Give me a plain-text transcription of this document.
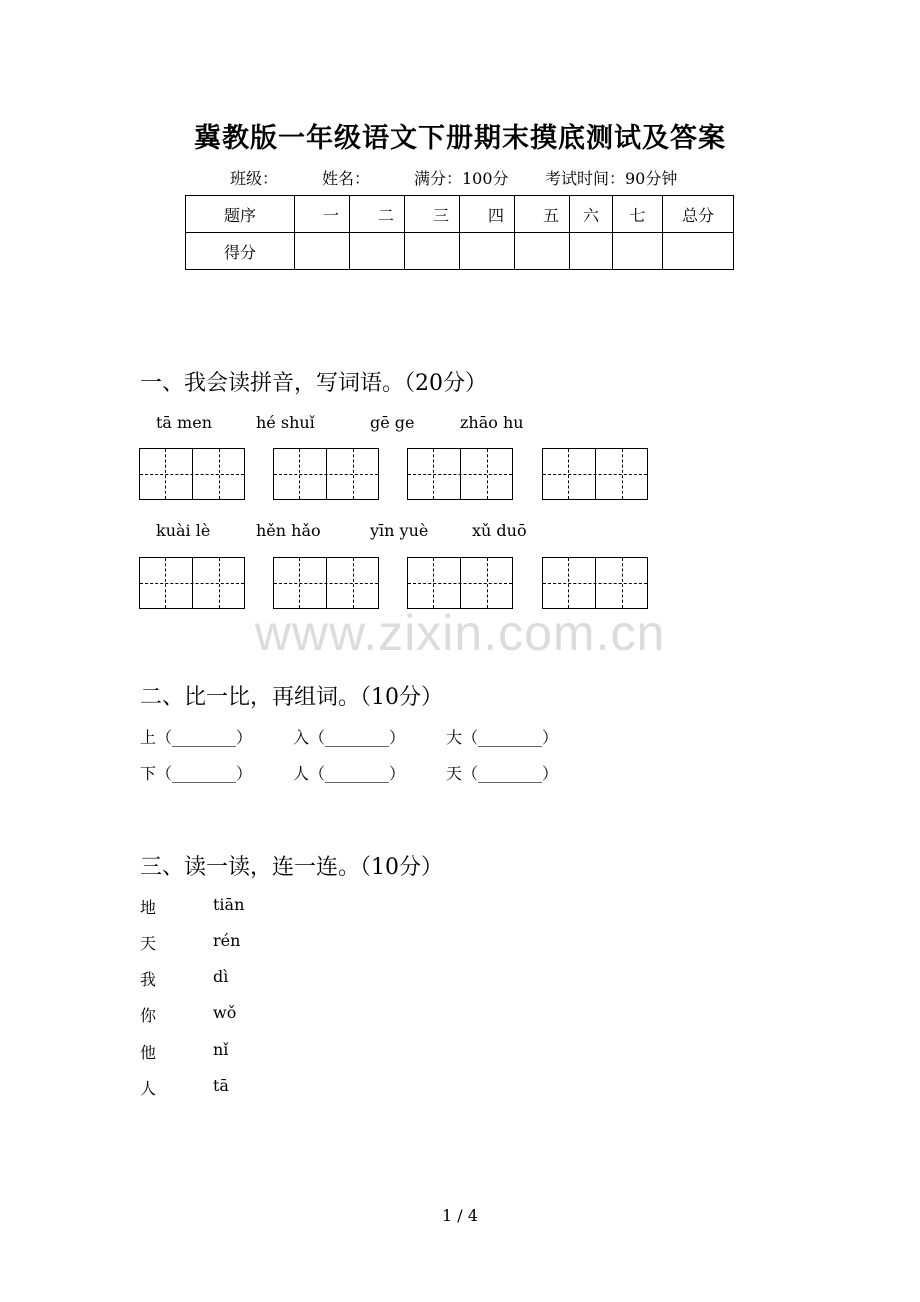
冀教版一年级语文下册期末摸底测试及答案
班级：	姓名：	满分：100分 考试时间：90分钟
题序	一	二	三	四	五	六	七	总分
得分								
一、我会读拼音，写词语。（20分）
tā men	hé shuǐ	gē ge	zhāo hu
kuài lè	hěn hǎo	yīn yuè	xǔ duō
www.zixin.com.cn
二、比一比，再组词。（10分）
上（________）	入（________）	大（________）
下（________）	人（________）	天（________）
三、读一读，连一连。（10分）
地	tiān
天	rén
我	dì
你	wǒ
他	nǐ
人	tā
1 / 4
